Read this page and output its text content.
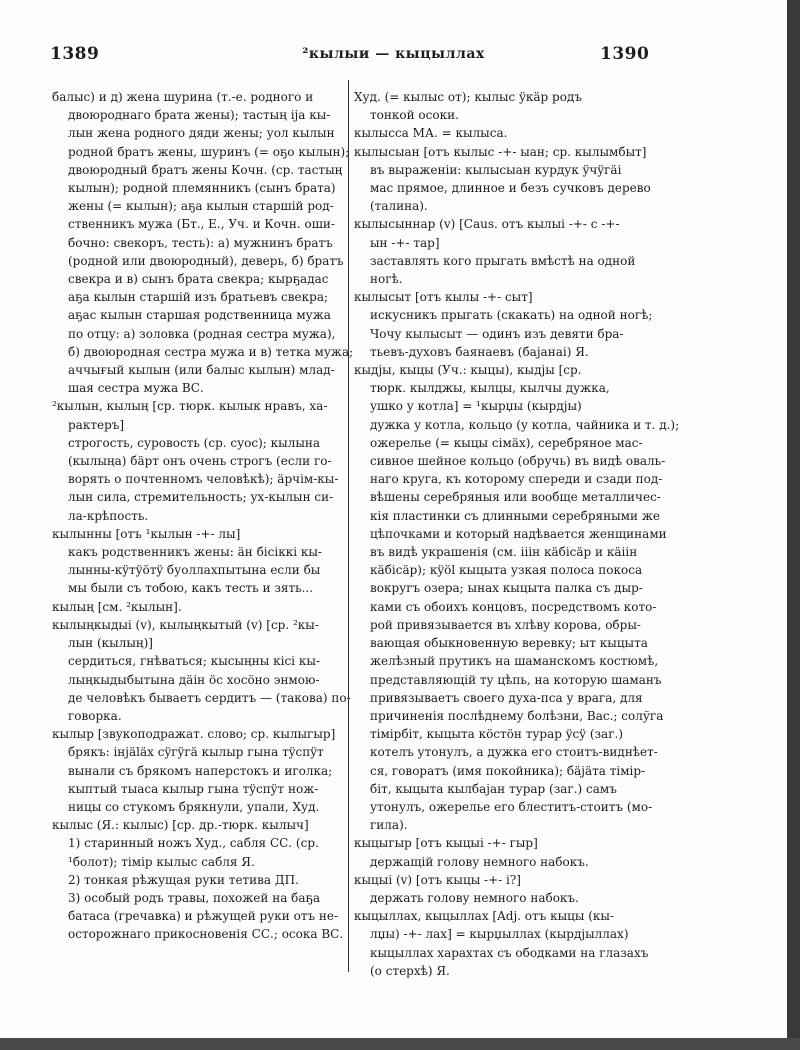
1389	²кылыи — кыцыллах	1390
балыс) и д) жена шурина (т.-е. родного и
двоюроднаго брата жены); тастың ija кы-
лын жена родного дяди жены; уол кылын
родной братъ жены, шуринъ (= oҕo кылын);
двоюродный братъ жены Кочн. (ср. тастың
кылын); родной племянникъ (сынъ брата)
жены (= кылын); аҕа кылын старшій род-
ственникъ мужа (Бт., Е., Уч. и Кочн. оши-
бочно: свекоръ, тесть): а) мужнинъ братъ
(родной или двоюродный), деверь, б) братъ
свекра и в) сынъ брата свекра; кырҕадас
аҕа кылын старшій изъ братьевъ свекра;
аҕас кылын старшая родственница мужа
по отцу: а) золовка (родная сестра мужа),
б) двоюродная сестра мужа и в) тетка мужа;
аччығый кылын (или балыс кылын) млад-
шая сестра мужа ВС.
²кылын, кылың [ср. тюрк. кылык нравъ, ха-
рактеръ]
строгость, суровость (ср. суос); кылына
(кылыңа) бäрт онъ очень строгъ (если го-
ворять о почтенномъ человѣкѣ); äрчім-кы-
лын сила, стремительность; ух-кылын си-
ла-крѣпость.
кылынны [отъ ¹кылын -+- лы]
какъ родственникъ жены: äн бісіккі кы-
лынны-кÿтÿöтÿ буоллахпытына если бы
мы были съ тобою, какъ тесть и зять...
кылың [см. ²кылын].
кылыңкыдыі (v), кылыңкытый (v) [ср. ²кы-
лын (кылың)]
сердиться, гнѣваться; кысыңны кісі кы-
лыңкыдыбытына дäін öс хосöно энмою-
де человѣкъ бываетъ сердитъ — (такова) по-
говорка.
кылыр [звукоподражат. слово; ср. кылыгыр]
брякъ: iнjäläх сÿгÿгä кылыр гына тÿспÿт
вынали съ брякомъ наперстокъ и иголка;
кыптый тыаса кылыр гына тÿспÿт нож-
ницы со стукомъ брякнули, упали, Худ.
кылыс (Я.: кылыс) [ср. др.-тюрк. кылыч]
1) старинный ножъ Худ., сабля СС. (ср.
¹болот); тімір кылыс сабля Я.
2) тонкая рѣжущая руки тетива ДП.
3) особый родъ травы, похожей на баҕа
батаса (гречавка) и рѣжущей руки отъ не-
осторожнаго прикосновенія СС.; осока ВС.
Худ. (= кылыс от); кылыс ÿкäр родъ
тонкой осоки.
кылысса МА. = кылыса.
кылысыан [отъ кылыс -+- ыан; ср. кылымбыт]
въ выраженіи: кылысыан курдук ÿчÿгäі
мас прямое, длинное и безъ сучковъ дерево
(талина).
кылысыннар (v) [Caus. отъ кылыі -+- с -+-
ын -+- тар]
заставлять кого прыгать вмѣстѣ на одной
ногѣ.
кылысыт [отъ кылы -+- сыт]
искусникъ прыгать (скакать) на одной ногѣ;
Чочу кылысыт — одинъ изъ девяти бра-
тьевъ-духовъ баянаевъ (бајанаі) Я.
кыдјы, кыцы (Уч.: кыцы), кыдјы [ср.
тюрк. кылджы, кылцы, кылчы дужка,
ушко у котла] = ¹кырџы (кырдјы)
дужка у котла, кольцо (у котла, чайника и т. д.);
ожерелье (= кыцы сімäх), серебряное мас-
сивное шейное кольцо (обручь) въ видѣ оваль-
наго круга, къ которому спереди и сзади под-
вѣшены серебряныя или вообще металличес-
кія пластинки съ длинными серебряными же
цѣпочками и который надѣвается женщинами
въ видѣ украшенія (см. ііін кäбісäр и кäіін
кäбісäр); кÿöl кыцыта узкая полоса покоса
вокругъ озера; ынах кыцыта палка съ дыр-
ками съ обоихъ концовъ, посредствомъ кото-
рой привязывается въ хлѣву корова, обры-
вающая обыкновенную веревку; ыт кыцыта
желѣзный прутикъ на шаманскомъ костюмѣ,
представляющій ту цѣпь, на которую шаманъ
привязываетъ своего духа-пса у врага, для
причиненія послѣднему болѣзни, Вас.; солўга
тімірбіт, кыцыта кöстöн турар ÿсÿ (заг.)
котелъ утонулъ, а дужка его стоитъ-виднѣет-
ся, говоратъ (имя покойника); бäјäта тімір-
біт, кыцыта кылбајан турар (заг.) самъ
утонулъ, ожерелье его блеститъ-стоитъ (мо-
гила).
кыцыгыр [отъ кыцыі -+- гыр]
держащій голову немного набокъ.
кыцыі (v) [отъ кыцы -+- і?]
держать голову немного набокъ.
кыцыллах, кыцыллах [Adj. отъ кыцы (кы-
лџы) -+- лах] = кырџыллах (кырдјыллах)
кыцыллах харахтах съ ободками на глазахъ
(о стерхѣ) Я.
